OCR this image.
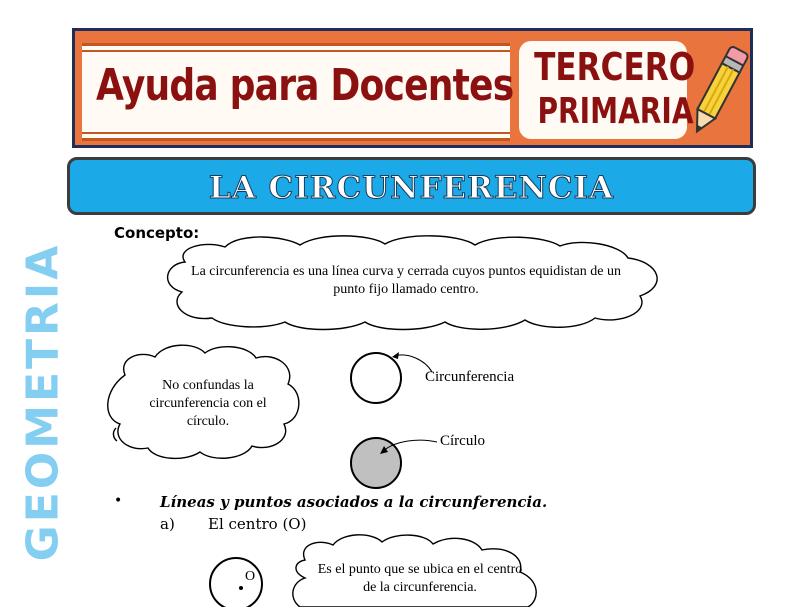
Ayuda para Docentes TERCERO
PRIMARIA
LA CIRCUNFERENCIA
GEOMETRIA
Concepto:
La circunferencia es una línea curva y cerrada cuyos puntos equidistan de un punto fijo llamado centro.
No confundas la circunferencia con el círculo.
Es el punto que se ubica en el centro de la circunferencia.
Circunferencia
Círculo
•	Líneas y puntos asociados a la circunferencia.
a) El centro (O)
O
